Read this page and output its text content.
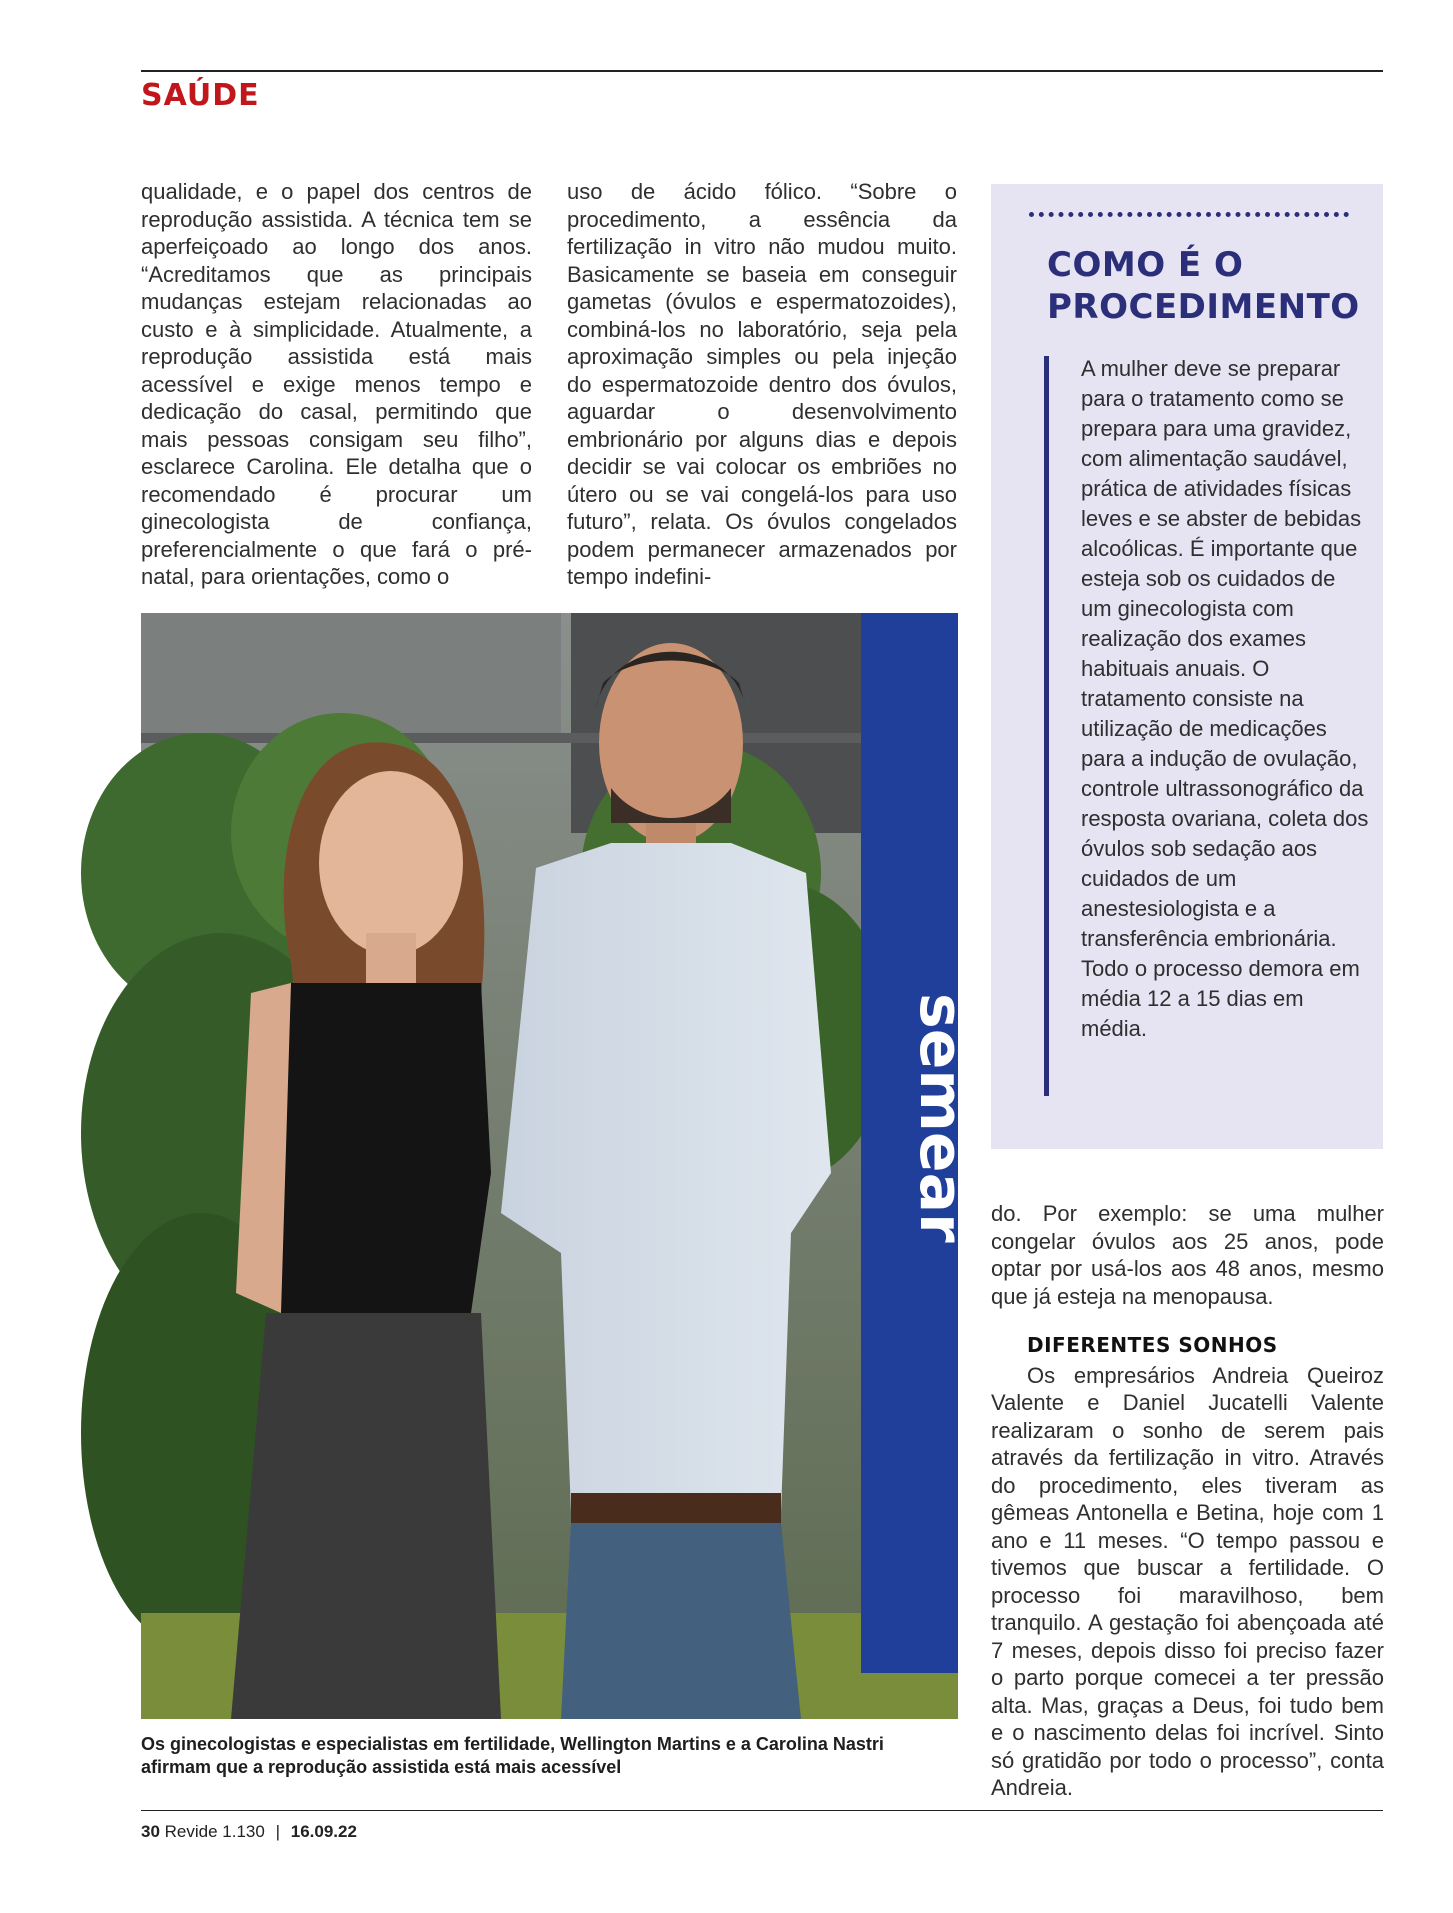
SAÚDE

qualidade, e o papel dos centros de reprodução assistida. A técnica tem se aperfeiçoado ao longo dos anos. “Acreditamos que as principais mudanças estejam relacionadas ao custo e à simplicidade. Atualmente, a reprodução assistida está mais acessível e exige menos tempo e dedicação do casal, permitindo que mais pessoas consigam seu filho”, esclarece Carolina. Ele detalha que o recomendado é procurar um ginecologista de confiança, preferencialmente o que fará o pré-natal, para orientações, como o

uso de ácido fólico. “Sobre o procedimento, a essência da fertilização in vitro não mudou muito. Basicamente se baseia em conseguir gametas (óvulos e espermatozoides), combiná-los no laboratório, seja pela aproximação simples ou pela injeção do espermatozoide dentro dos óvulos, aguardar o desenvolvimento embrionário por alguns dias e depois decidir se vai colocar os embriões no útero ou se vai congelá-los para uso futuro”, relata. Os óvulos congelados podem permanecer armazenados por tempo indefini-

semear
Os ginecologistas e especialistas em fertilidade, Wellington Martins e a Carolina Nastri afirmam que a reprodução assistida está mais acessível
COMO É O PROCEDIMENTO
A mulher deve se preparar para o tratamento como se prepara para uma gravidez, com alimentação saudável, prática de atividades físicas leves e se abster de bebidas alcoólicas. É importante que esteja sob os cuidados de um ginecologista com realização dos exames habituais anuais. O tratamento consiste na utilização de medicações para a indução de ovulação, controle ultrassonográfico da resposta ovariana, coleta dos óvulos sob sedação aos cuidados de um anestesiologista e a transferência embrionária. Todo o processo demora em média 12 a 15 dias em média.

do. Por exemplo: se uma mulher congelar óvulos aos 25 anos, pode optar por usá-los aos 48 anos, mesmo que já esteja na menopausa.

DIFERENTES SONHOS

Os empresários Andreia Queiroz Valente e Daniel Jucatelli Valente realizaram o sonho de serem pais através da fertilização in vitro. Através do procedimento, eles tiveram as gêmeas Antonella e Betina, hoje com 1 ano e 11 meses. “O tempo passou e tivemos que buscar a fertilidade. O processo foi maravilhoso, bem tranquilo. A gestação foi abençoada até 7 meses, depois disso foi preciso fazer o parto porque comecei a ter pressão alta. Mas, graças a Deus, foi tudo bem e o nascimento delas foi incrível. Sinto só gratidão por todo o processo”, conta Andreia.

30 Revide 1.130 | 16.09.22
